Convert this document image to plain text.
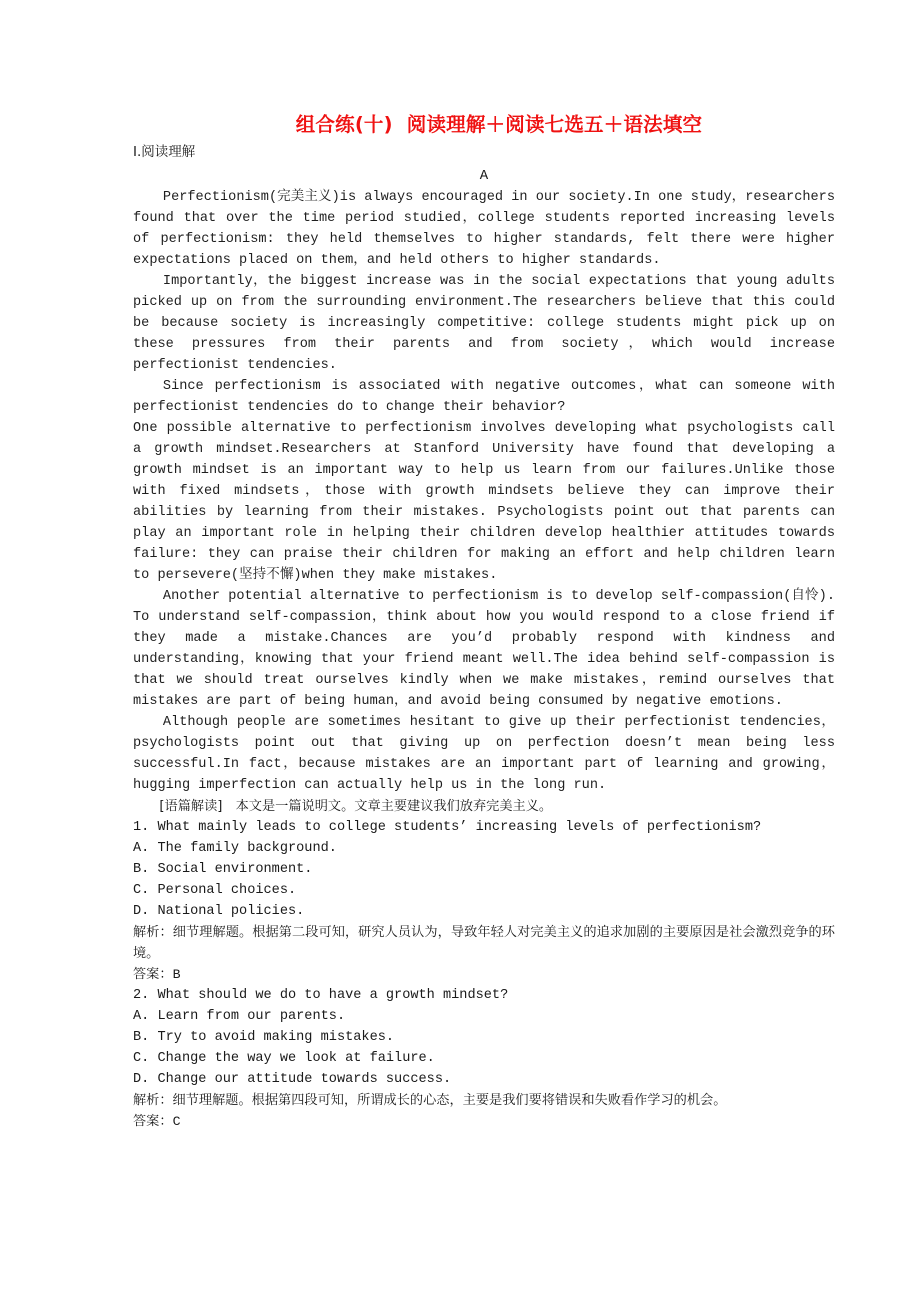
组合练(十) 阅读理解＋阅读七选五＋语法填空
Ⅰ.阅读理解
A

Perfectionism(完美主义)is always encouraged in our society.In one study，researchers found that over the time period studied，college students reported increasing levels of perfectionism: they held themselves to higher standards, felt there were higher expectations placed on them，and held others to higher standards.

Importantly，the biggest increase was in the social expectations that young adults picked up on from the surrounding environment.The researchers believe that this could be because society is increasingly competitive: college students might pick up on these pressures from their parents and from society，which would increase perfectionist tendencies.

Since perfectionism is associated with negative outcomes，what can someone with perfectionist tendencies do to change their behavior?

One possible alternative to perfectionism involves developing what psychologists call a growth mindset.Researchers at Stanford University have found that developing a growth mindset is an important way to help us learn from our failures.Unlike those with fixed mindsets，those with growth mindsets believe they can improve their abilities by learning from their mistakes. Psychologists point out that parents can play an important role in helping their children develop healthier attitudes towards failure: they can praise their children for making an effort and help children learn to persevere(坚持不懈)when they make mistakes.

Another potential alternative to perfectionism is to develop self-compassion(自怜). To understand self-compassion，think about how you would respond to a close friend if they made a mistake.Chances are you’d probably respond with kindness and understanding，knowing that your friend meant well.The idea behind self-compassion is that we should treat ourselves kindly when we make mistakes，remind ourselves that mistakes are part of being human，and avoid being consumed by negative emotions.

Although people are sometimes hesitant to give up their perfectionist tendencies，psychologists point out that giving up on perfection doesn’t mean being less successful.In fact，because mistakes are an important part of learning and growing，hugging imperfection can actually help us in the long run.

[语篇解读]　 本文是一篇说明文。文章主要建议我们放弃完美主义。

1. What mainly leads to college students’ increasing levels of perfectionism?

A. The family background.

B. Social environment.

C. Personal choices.

D. National policies.

解析：细节理解题。根据第二段可知，研究人员认为，导致年轻人对完美主义的追求加剧的主要原因是社会激烈竞争的环境。

答案：B

2. What should we do to have a growth mindset?

A. Learn from our parents.

B. Try to avoid making mistakes.

C. Change the way we look at failure.

D. Change our attitude towards success.

解析：细节理解题。根据第四段可知，所谓成长的心态，主要是我们要将错误和失败看作学习的机会。

答案：C
